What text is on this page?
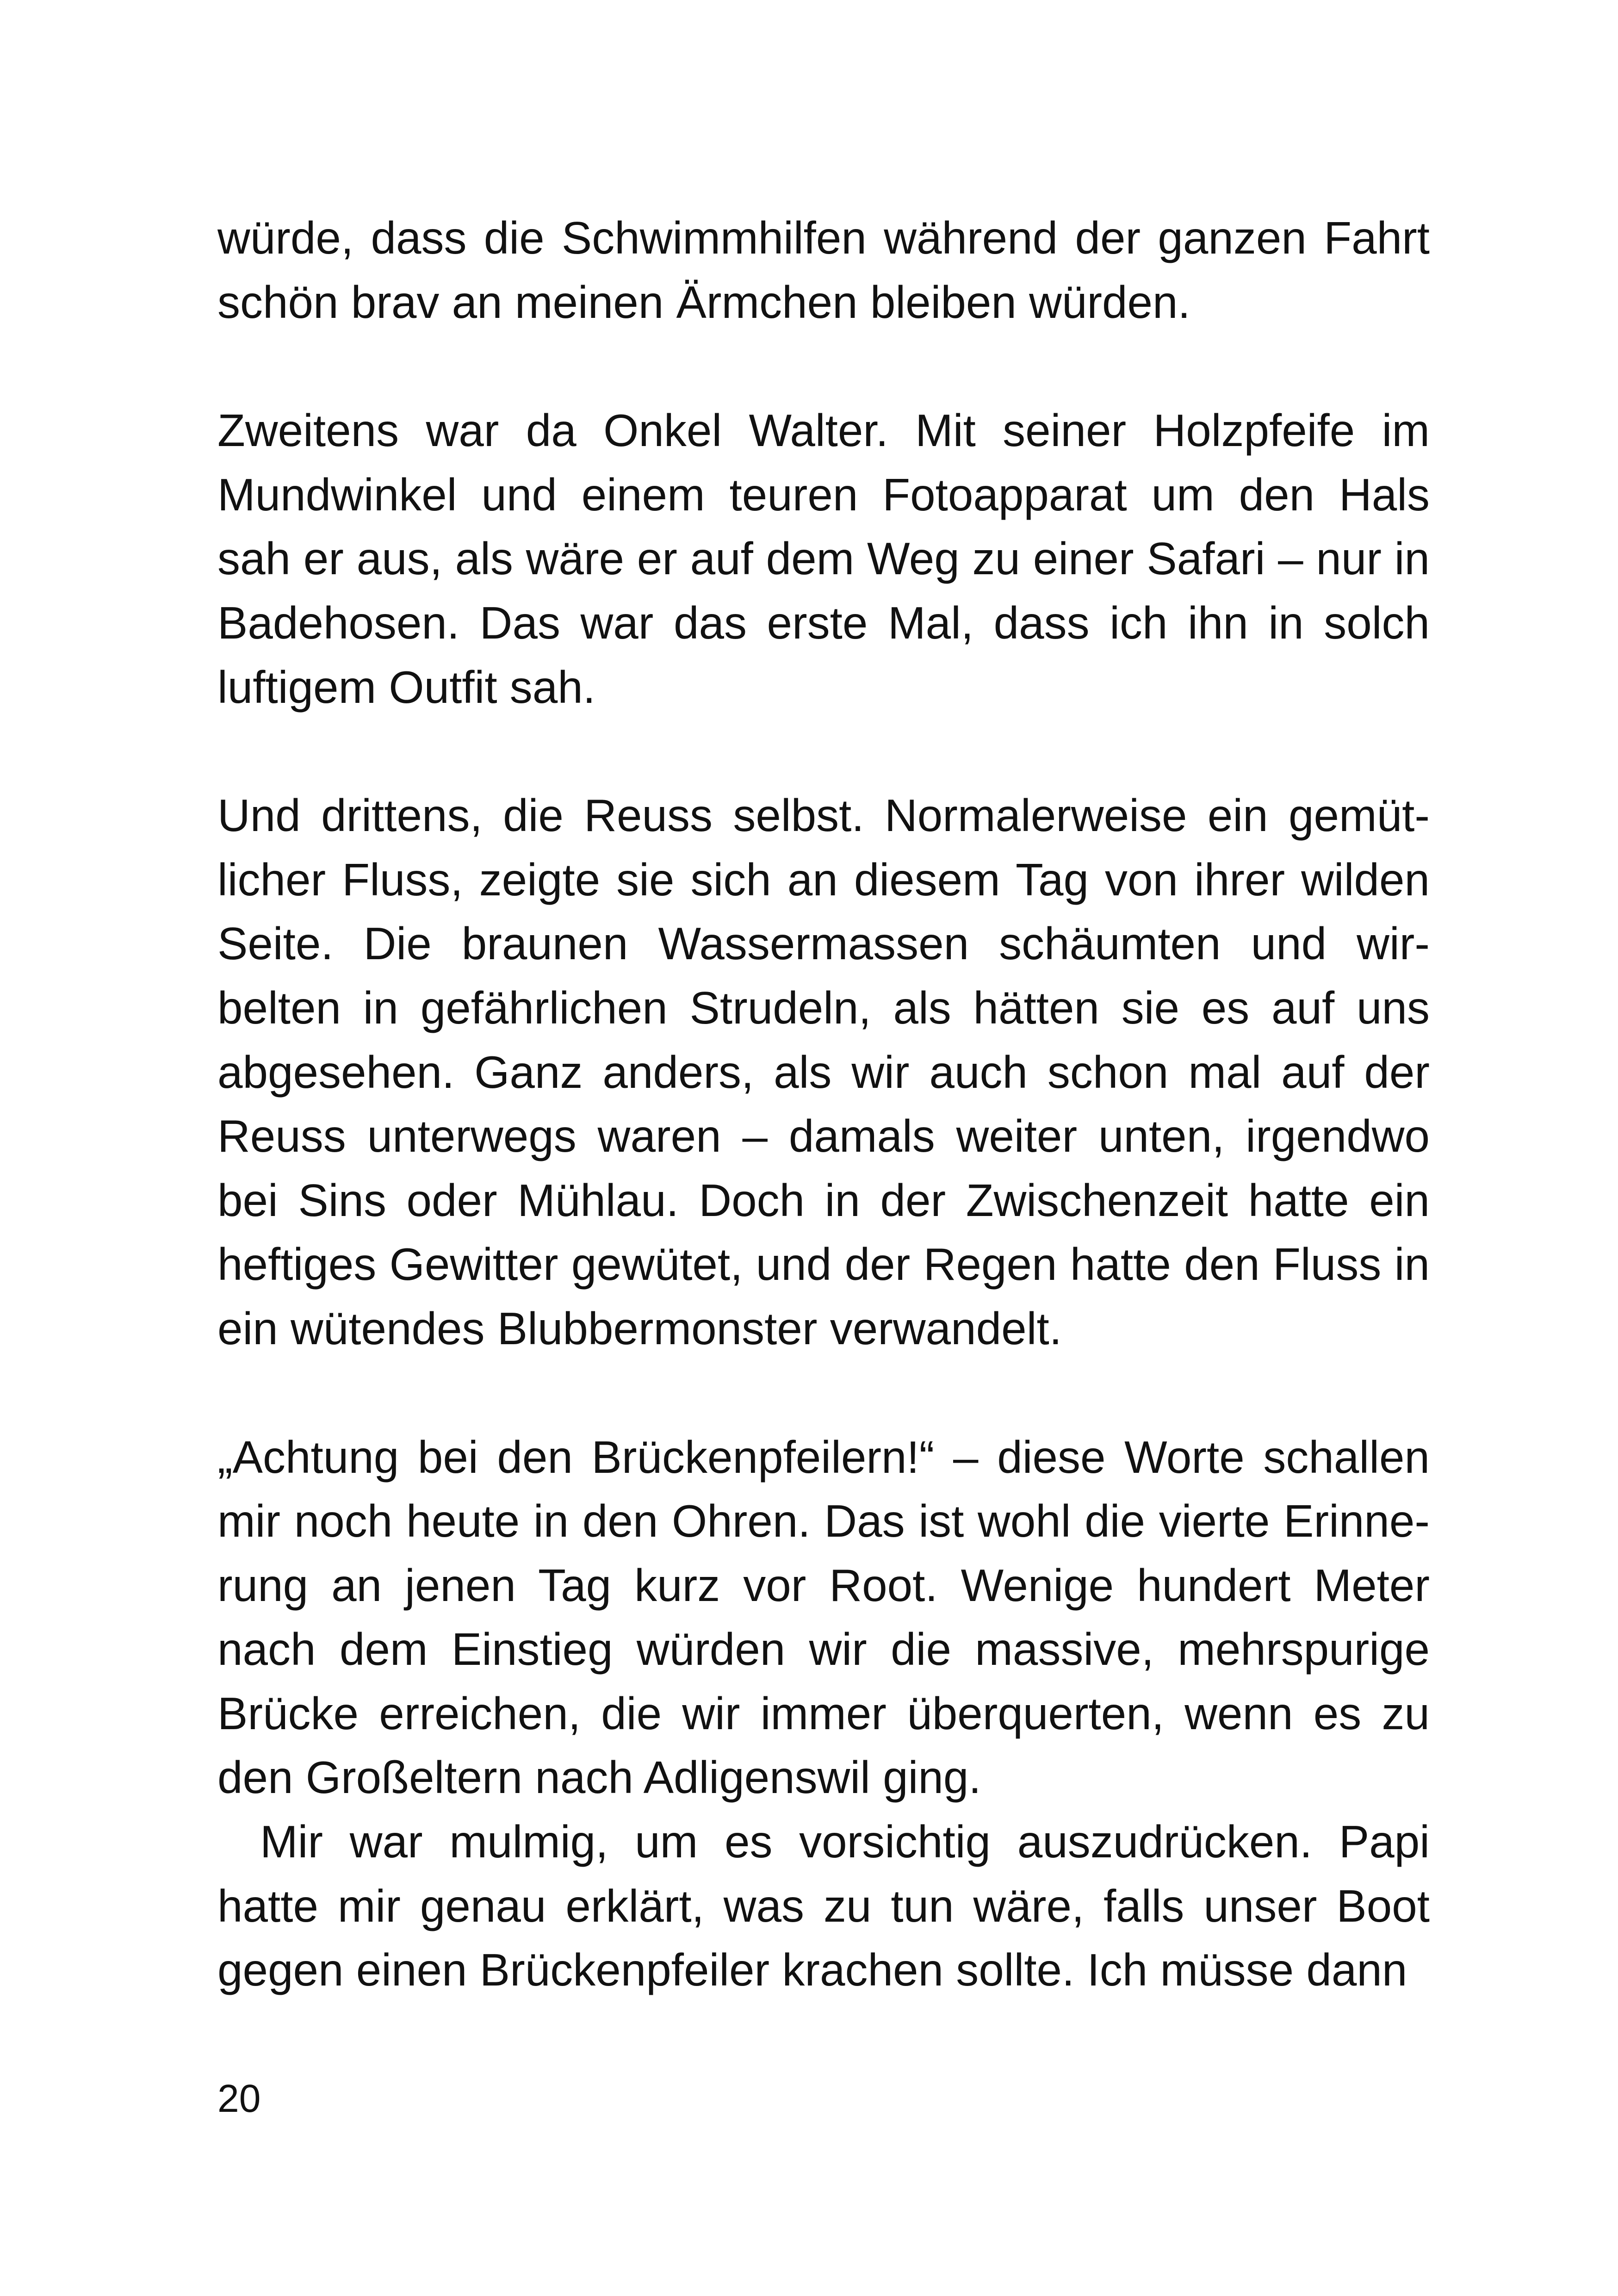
würde, dass die Schwimmhilfen während der ganzen Fahrt schön brav an meinen Ärmchen bleiben würden.

Zweitens war da Onkel Walter. Mit seiner Holzpfeife im Mundwinkel und einem teuren Fotoapparat um den Hals sah er aus, als wäre er auf dem Weg zu einer Safari – nur in Badehosen. Das war das erste Mal, dass ich ihn in solch luftigem Outfit sah.

Und drittens, die Reuss selbst. Normalerweise ein gemütlicher Fluss, zeigte sie sich an diesem Tag von ihrer wilden Seite. Die braunen Wassermassen schäumten und wirbelten in gefährlichen Strudeln, als hätten sie es auf uns abgesehen. Ganz anders, als wir auch schon mal auf der Reuss unterwegs waren – damals weiter unten, irgendwo bei Sins oder Mühlau. Doch in der Zwischenzeit hatte ein heftiges Gewitter gewütet, und der Regen hatte den Fluss in ein wütendes Blubbermonster verwandelt.

„Achtung bei den Brückenpfeilern!“ – diese Worte schallen mir noch heute in den Ohren. Das ist wohl die vierte Erinnerung an jenen Tag kurz vor Root. Wenige hundert Meter nach dem Einstieg würden wir die massive, mehrspurige Brücke erreichen, die wir immer überquerten, wenn es zu den Großeltern nach Adligenswil ging.

Mir war mulmig, um es vorsichtig auszudrücken. Papi hatte mir genau erklärt, was zu tun wäre, falls unser Boot gegen einen Brückenpfeiler krachen sollte. Ich müsse dann

20
